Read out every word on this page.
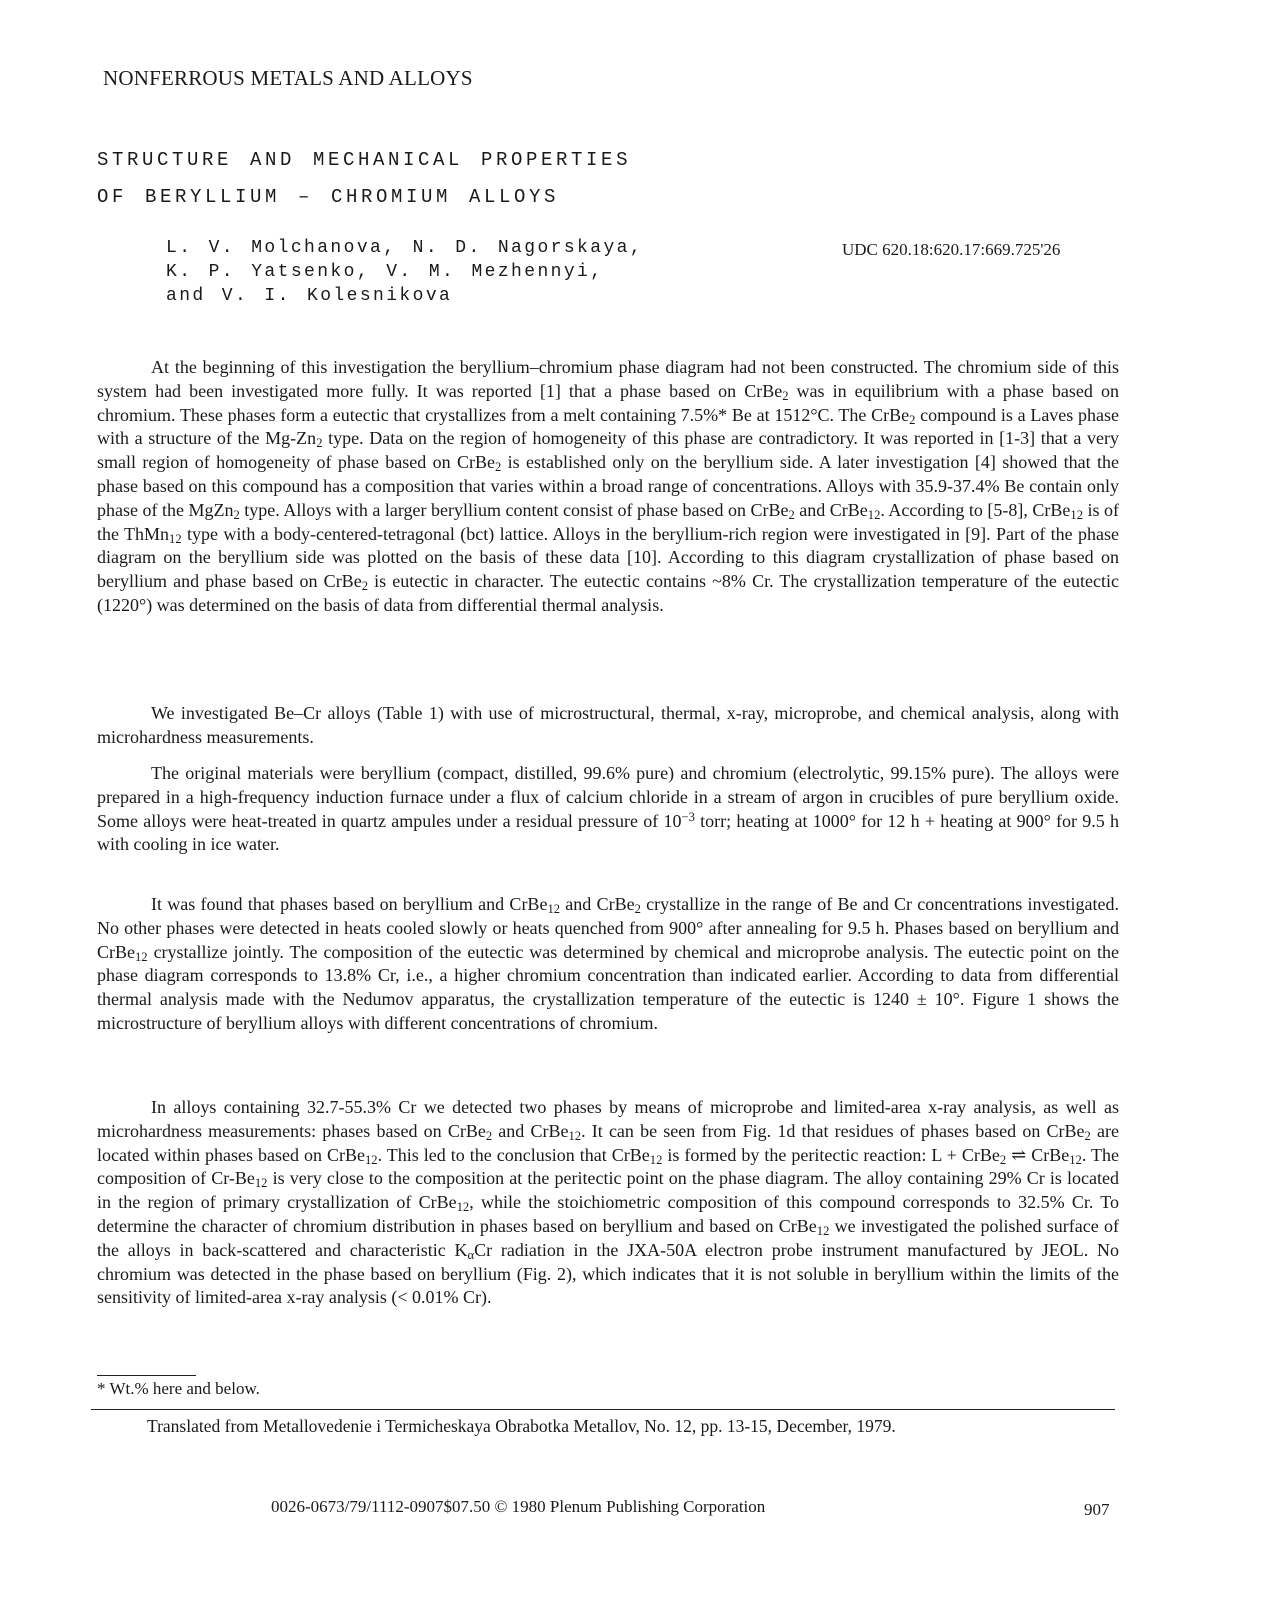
NONFERROUS METALS AND ALLOYS
STRUCTURE AND MECHANICAL PROPERTIES
OF BERYLLIUM – CHROMIUM ALLOYS
L. V. Molchanova, N. D. Nagorskaya,
K. P. Yatsenko, V. M. Mezhennyi,
and V. I. Kolesnikova
UDC 620.18:620.17:669.725'26

At the beginning of this investigation the beryllium–chromium phase diagram had not been constructed. The chromium side of this system had been investigated more fully. It was reported [1] that a phase based on CrBe$_2$ was in equilibrium with a phase based on chromium. These phases form a eutectic that crystallizes from a melt containing 7.5%* Be at 1512°C. The CrBe$_2$ compound is a Laves phase with a structure of the $Mg-Zn_2$ type. Data on the region of homogeneity of this phase are contradictory. It was reported in [1-3] that a very small region of homogeneity of phase based on CrBe$_2$ is established only on the beryllium side. A later investigation [4] showed that the phase based on this compound has a composition that varies within a broad range of concentrations. Alloys with 35.9-37.4% Be contain only phase of the MgZn$_2$ type. Alloys with a larger beryllium content consist of phase based on CrBe$_2$ and CrBe$_{12}$. According to [5-8], CrBe$_{12}$ is of the ThMn$_{12}$ type with a body-centered-tetragonal (bct) lattice. Alloys in the beryllium-rich region were investigated in [9]. Part of the phase diagram on the beryllium side was plotted on the basis of these data [10]. According to this diagram crystallization of phase based on beryllium and phase based on CrBe$_2$ is eutectic in character. The eutectic contains ~8% Cr. The crystallization temperature of the eutectic (1220°) was determined on the basis of data from differential thermal analysis.

We investigated Be–Cr alloys (Table 1) with use of microstructural, thermal, x-ray, microprobe, and chemical analysis, along with microhardness measurements.

The original materials were beryllium (compact, distilled, 99.6% pure) and chromium (electrolytic, 99.15% pure). The alloys were prepared in a high-frequency induction furnace under a flux of calcium chloride in a stream of argon in crucibles of pure beryllium oxide. Some alloys were heat-treated in quartz ampules under a residual pressure of $10^{-3}$ torr; heating at 1000° for 12 h + heating at 900° for 9.5 h with cooling in ice water.

It was found that phases based on beryllium and CrBe$_{12}$ and CrBe$_2$ crystallize in the range of Be and Cr concentrations investigated. No other phases were detected in heats cooled slowly or heats quenched from 900° after annealing for 9.5 h. Phases based on beryllium and CrBe$_{12}$ crystallize jointly. The composition of the eutectic was determined by chemical and microprobe analysis. The eutectic point on the phase diagram corresponds to 13.8% Cr, i.e., a higher chromium concentration than indicated earlier. According to data from differential thermal analysis made with the Nedumov apparatus, the crystallization temperature of the eutectic is 1240 ± 10°. Figure 1 shows the microstructure of beryllium alloys with different concentrations of chromium.

In alloys containing 32.7-55.3% Cr we detected two phases by means of microprobe and limited-area x-ray analysis, as well as microhardness measurements: phases based on CrBe$_2$ and CrBe$_{12}$. It can be seen from Fig. 1d that residues of phases based on CrBe$_2$ are located within phases based on CrBe$_{12}$. This led to the conclusion that CrBe$_{12}$ is formed by the peritectic reaction: L + CrBe$_2$ ⇌ CrBe$_{12}$. The composition of $Cr-Be_{12}$ is very close to the composition at the peritectic point on the phase diagram. The alloy containing 29% Cr is located in the region of primary crystallization of CrBe$_{12}$, while the stoichiometric composition of this compound corresponds to 32.5% Cr. To determine the character of chromium distribution in phases based on beryllium and based on CrBe$_{12}$ we investigated the polished surface of the alloys in back-scattered and characteristic $K_\alpha Cr$ radiation in the JXA-50A electron probe instrument manufactured by JEOL. No chromium was detected in the phase based on beryllium (Fig. 2), which indicates that it is not soluble in beryllium within the limits of the sensitivity of limited-area x-ray analysis (< 0.01% Cr).

* Wt.% here and below.

Translated from Metallovedenie i Termicheskaya Obrabotka Metallov, No. 12, pp. 13-15, December, 1979.

0026-0673/79/1112-0907$07.50 © 1980 Plenum Publishing Corporation	907
